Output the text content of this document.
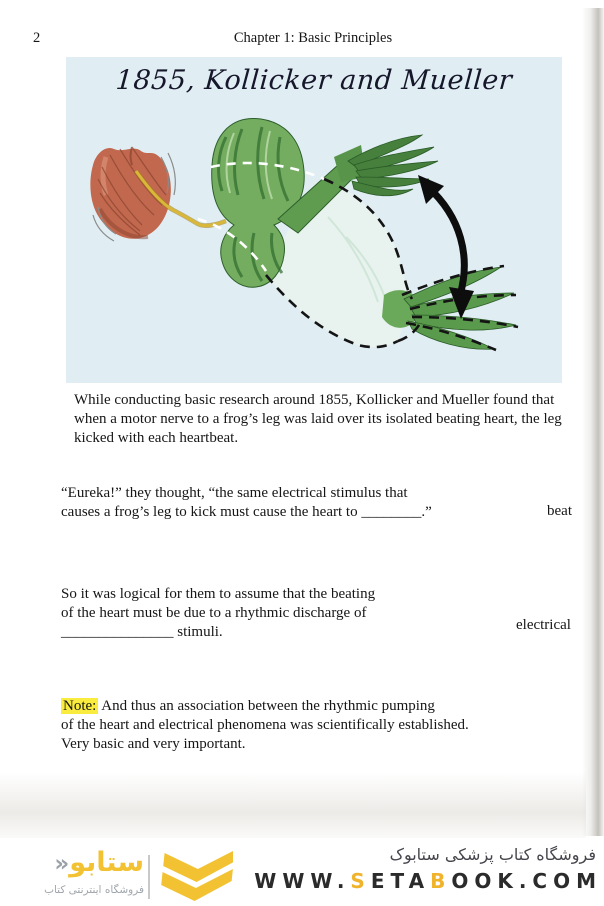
2	Chapter 1: Basic Principles
1855, Kollicker and Mueller
While conducting basic research around 1855, Kollicker and Mueller found that
when a motor nerve to a frog’s leg was laid over its isolated beating heart, the leg
kicked with each heartbeat.
“Eureka!” they thought, “the same electrical stimulus that
causes a frog’s leg to kick must cause the heart to ________.”	beat
So it was logical for them to assume that the beating
of the heart must be due to a rhythmic discharge of
_______________ stimuli.	electrical
Note: And thus an association between the rhythmic pumping
of the heart and electrical phenomena was scientifically established.
Very basic and very important.
ستابو«
فروشگاه اینترنتی کتاب
فروشگاه کتاب پزشکی ستابوک
WWW.SETABOOK.COM
